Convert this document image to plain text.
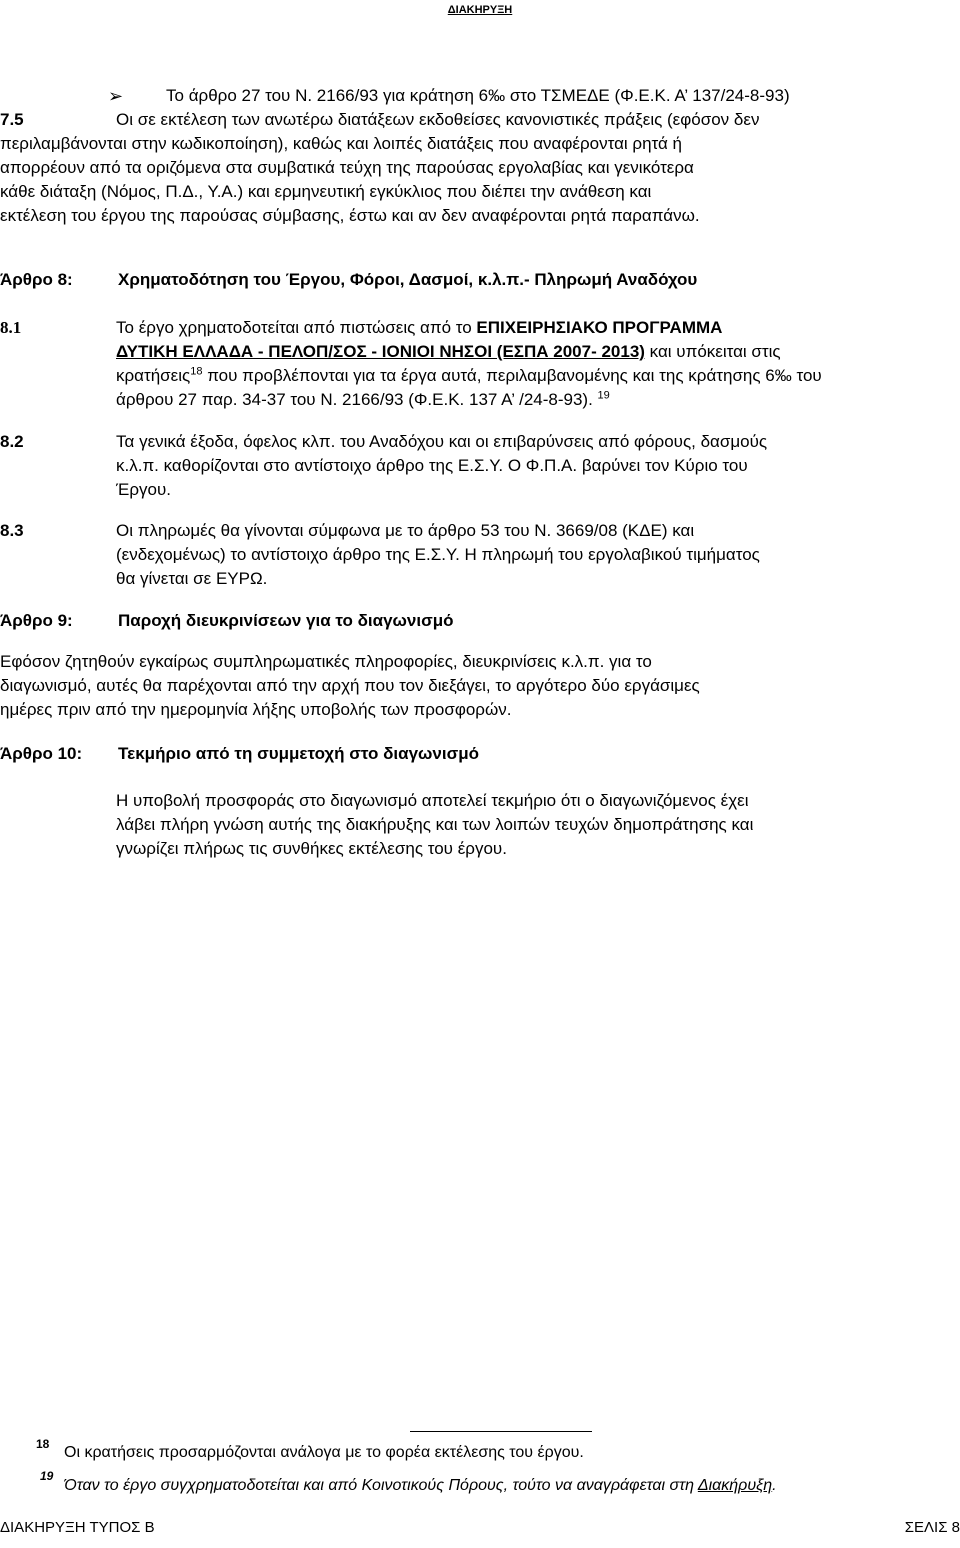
ΔΙΑΚΗΡΥΞΗ
➢	Το άρθρο 27 του Ν. 2166/93 για κράτηση 6‰ στο ΤΣΜΕΔΕ (Φ.Ε.Κ. Α’ 137/24-8-93)
7.5	Οι σε εκτέλεση των ανωτέρω διατάξεων εκδοθείσες κανονιστικές πράξεις (εφόσον δεν
περιλαμβάνονται στην κωδικοποίηση), καθώς και λοιπές διατάξεις που αναφέρονται ρητά ή
απορρέουν από τα οριζόμενα στα συμβατικά τεύχη της παρούσας εργολαβίας και γενικότερα
κάθε διάταξη (Νόμος, Π.Δ., Υ.Α.) και ερμηνευτική εγκύκλιος που διέπει την ανάθεση και
εκτέλεση του έργου της παρούσας σύμβασης, έστω και αν δεν αναφέρονται ρητά παραπάνω.
Άρθρο 8:	Χρηματοδότηση του Έργου, Φόροι, Δασμοί, κ.λ.π.- Πληρωμή Αναδόχου
8.1	Το έργο χρηματοδοτείται από πιστώσεις από το ΕΠΙΧΕΙΡΗΣΙΑΚΟ ΠΡΟΓΡΑΜΜΑ
ΔΥΤΙΚΗ ΕΛΛΑΔΑ - ΠΕΛΟΠ/ΣΟΣ - ΙΟΝΙΟΙ ΝΗΣΟΙ (ΕΣΠΑ 2007- 2013) και υπόκειται στις
κρατήσεις$^{18}$ που προβλέπονται για τα έργα αυτά, περιλαμβανομένης και της κράτησης 6‰ του
άρθρου 27 παρ. 34-37 του Ν. 2166/93 (Φ.Ε.Κ. 137 Α’ /24-8-93). $^{19}$
8.2	Τα γενικά έξοδα, όφελος κλπ. του Αναδόχου και οι επιβαρύνσεις από φόρους, δασμούς
κ.λ.π. καθορίζονται στο αντίστοιχο άρθρο της Ε.Σ.Υ. Ο Φ.Π.Α. βαρύνει τον Κύριο του
Έργου.
8.3	Οι πληρωμές θα γίνονται σύμφωνα με το άρθρο 53 του Ν. 3669/08 (ΚΔΕ) και
(ενδεχομένως) το αντίστοιχο άρθρο της Ε.Σ.Υ. Η πληρωμή του εργολαβικού τιμήματος
θα γίνεται σε ΕΥΡΩ.
Άρθρο 9:	Παροχή διευκρινίσεων για το διαγωνισμό
Εφόσον ζητηθούν εγκαίρως συμπληρωματικές πληροφορίες, διευκρινίσεις κ.λ.π. για το
διαγωνισμό, αυτές θα παρέχονται από την αρχή που τον διεξάγει, το αργότερο δύο εργάσιμες
ημέρες πριν από την ημερομηνία λήξης υποβολής των προσφορών.
Άρθρο 10: Τεκμήριο από τη συμμετοχή στο διαγωνισμό
Η υποβολή προσφοράς στο διαγωνισμό αποτελεί τεκμήριο ότι ο διαγωνιζόμενος έχει
λάβει πλήρη γνώση αυτής της διακήρυξης και των λοιπών τευχών δημοπράτησης και
γνωρίζει πλήρως τις συνθήκες εκτέλεσης του έργου.
18 Οι κρατήσεις προσαρμόζονται ανάλογα με το φορέα εκτέλεσης του έργου.
19
Όταν το έργο συγχρηματοδοτείται και από Κοινοτικούς Πόρους, τούτο να αναγράφεται στη Διακήρυξη.
ΔΙΑΚΗΡΥΞΗ ΤΥΠΟΣ Β	ΣΕΛΙΣ 8
